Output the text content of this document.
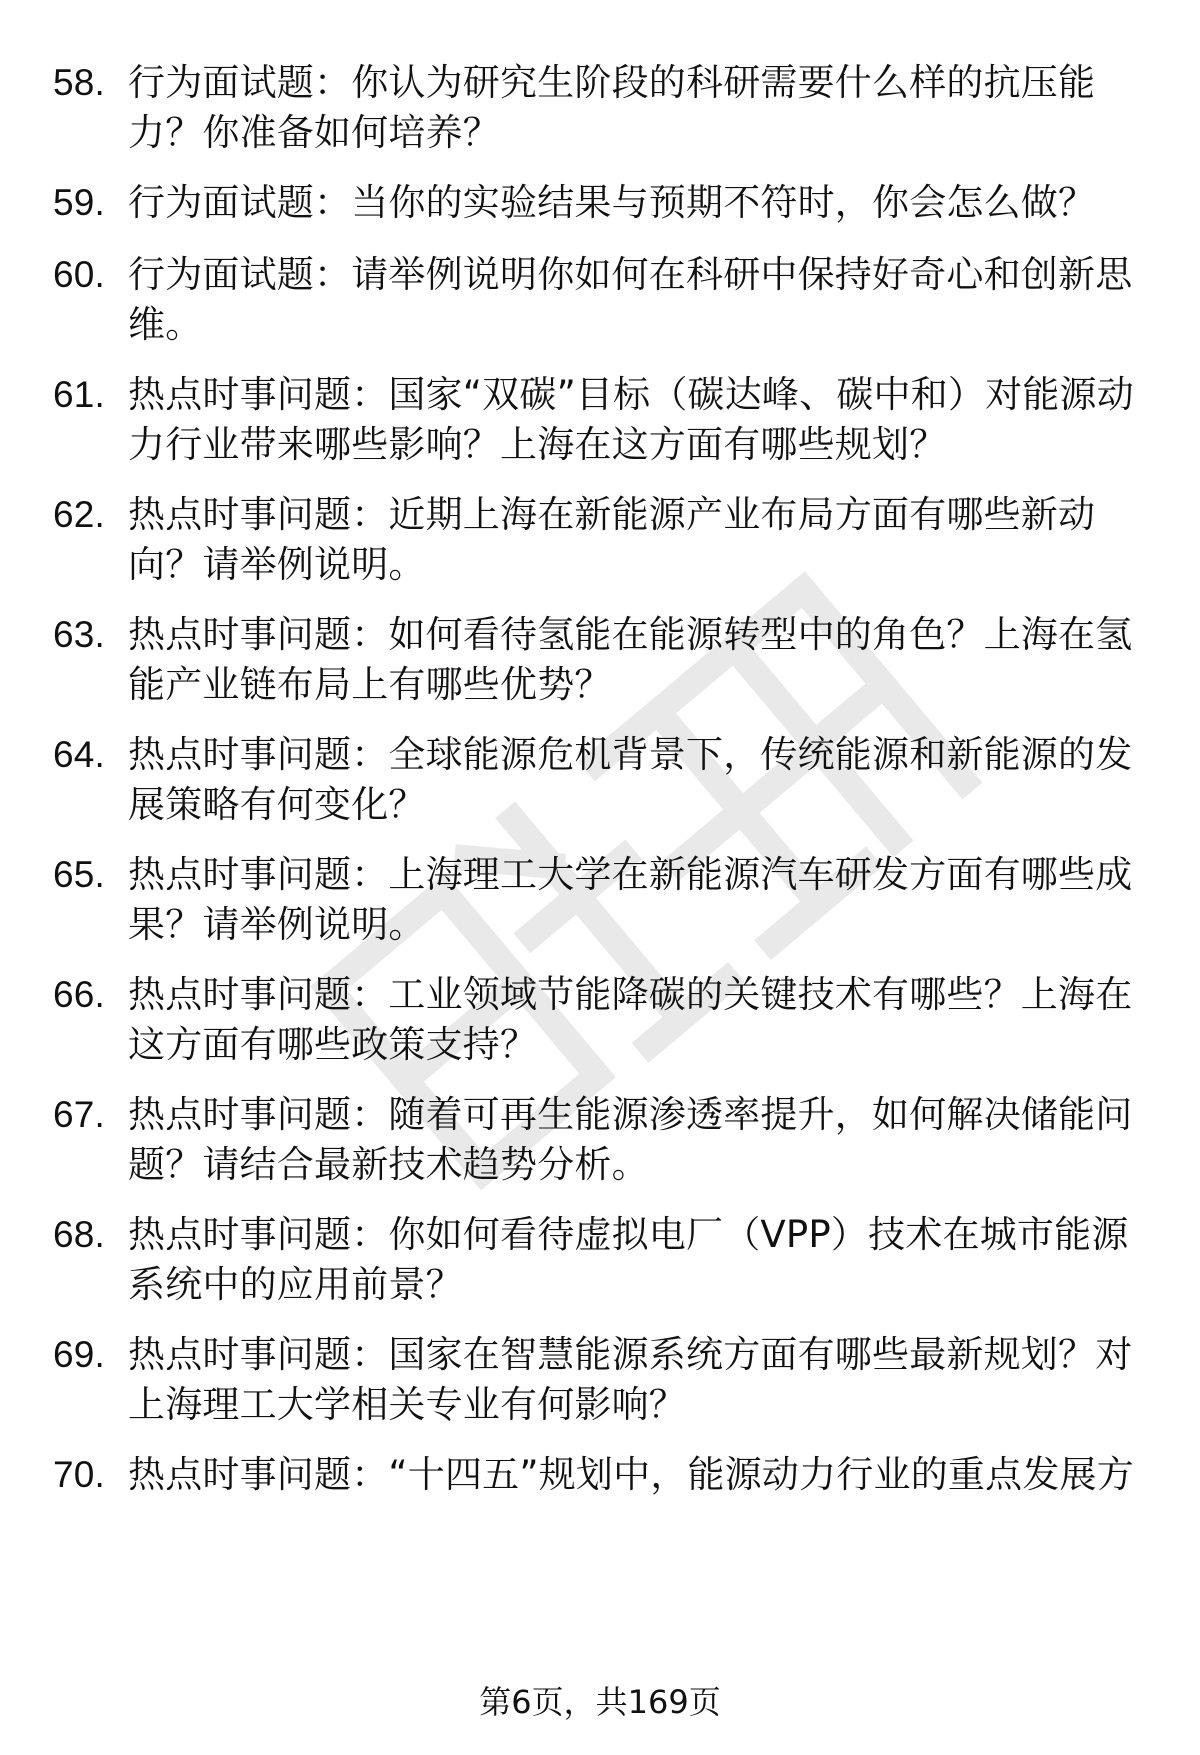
58. 行为面试题：你认为研究生阶段的科研需要什么样的抗压能力？你准备如何培养？
59. 行为面试题：当你的实验结果与预期不符时，你会怎么做？
60. 行为面试题：请举例说明你如何在科研中保持好奇心和创新思维。
61. 热点时事问题：国家“双碳”目标（碳达峰、碳中和）对能源动力行业带来哪些影响？上海在这方面有哪些规划？
62. 热点时事问题：近期上海在新能源产业布局方面有哪些新动向？请举例说明。
63. 热点时事问题：如何看待氢能在能源转型中的角色？上海在氢能产业链布局上有哪些优势？
64. 热点时事问题：全球能源危机背景下，传统能源和新能源的发展策略有何变化？
65. 热点时事问题：上海理工大学在新能源汽车研发方面有哪些成果？请举例说明。
66. 热点时事问题：工业领域节能降碳的关键技术有哪些？上海在这方面有哪些政策支持？
67. 热点时事问题：随着可再生能源渗透率提升，如何解决储能问题？请结合最新技术趋势分析。
68. 热点时事问题：你如何看待虚拟电厂（VPP）技术在城市能源系统中的应用前景？
69. 热点时事问题：国家在智慧能源系统方面有哪些最新规划？对上海理工大学相关专业有何影响？
70. 热点时事问题：“十四五”规划中，能源动力行业的重点发展方
第6页，共169页
